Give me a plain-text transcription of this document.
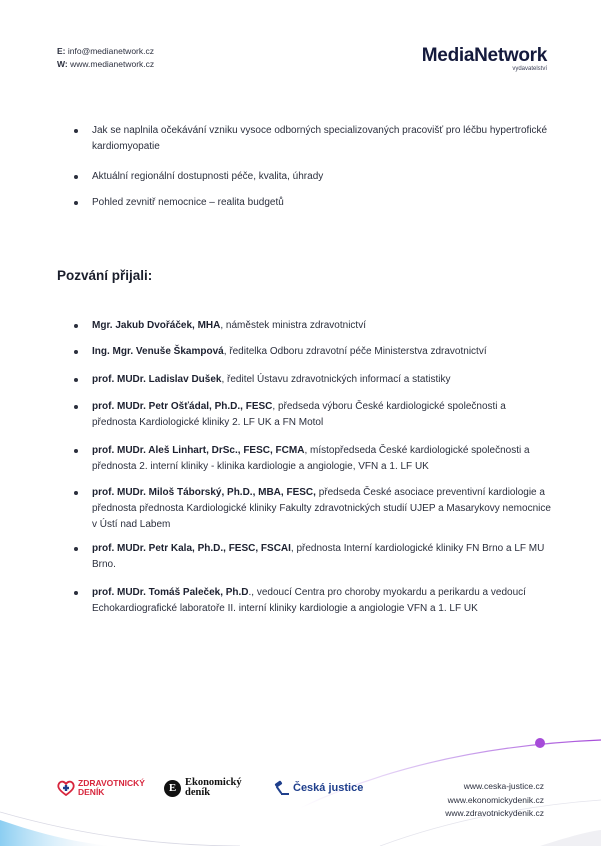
E: info@medianetwork.cz
W: www.medianetwork.cz	MediaNetwork
vydavatelství
Jak se naplnila očekávání vzniku vysoce odborných specializovaných pracovišť pro léčbu hypertrofické kardiomyopatie
Aktuální regionální dostupnosti péče, kvalita, úhrady
Pohled zevnitř nemocnice – realita budgetů
Pozvání přijali:
Mgr. Jakub Dvořáček, MHA, náměstek ministra zdravotnictví
Ing. Mgr. Venuše Škampová, ředitelka Odboru zdravotní péče Ministerstva zdravotnictví
prof. MUDr. Ladislav Dušek, ředitel Ústavu zdravotnických informací a statistiky
prof. MUDr. Petr Ošťádal, Ph.D., FESC, předseda výboru České kardiologické společnosti a přednosta Kardiologické kliniky 2. LF UK a FN Motol
prof. MUDr. Aleš Linhart, DrSc., FESC, FCMA, místopředseda České kardiologické společnosti a přednosta 2. interní kliniky - klinika kardiologie a angiologie, VFN a 1. LF UK
prof. MUDr. Miloš Táborský, Ph.D., MBA, FESC, předseda České asociace preventivní kardiologie a přednosta přednosta Kardiologické kliniky Fakulty zdravotnických studií UJEP a Masarykovy nemocnice v Ústí nad Labem
prof. MUDr. Petr Kala, Ph.D., FESC, FSCAI, přednosta Interní kardiologické kliniky FN Brno a LF MU Brno.
prof. MUDr. Tomáš Paleček, Ph.D., vedoucí Centra pro choroby myokardu a perikardu a vedoucí Echokardiografické laboratoře II. interní kliniky kardiologie a angiologie VFN a 1. LF UK
ZDRAVOTNICKÝ
DENÍK	E Ekonomický
deník	Česká justice	www.ceska-justice.cz
www.ekonomickydenik.cz
www.zdravotnickydenik.cz
